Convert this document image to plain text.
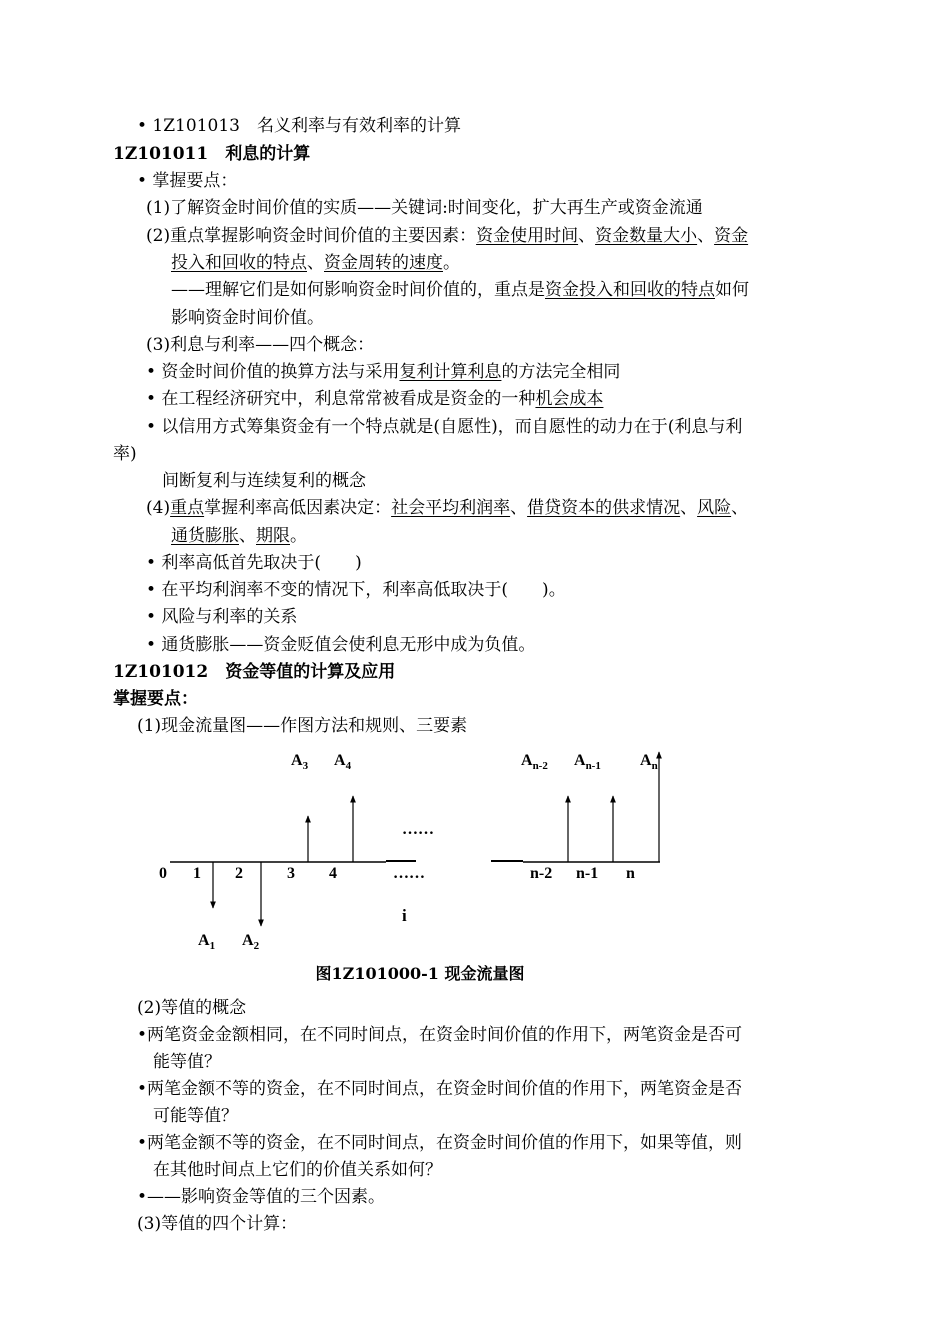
• 1Z101013　名义利率与有效利率的计算
1Z101011　利息的计算
• 掌握要点：
(1)了解资金时间价值的实质——关键词:时间变化，扩大再生产或资金流通
(2)重点掌握影响资金时间价值的主要因素：资金使用时间、资金数量大小、资金
投入和回收的特点、资金周转的速度。
——理解它们是如何影响资金时间价值的，重点是资金投入和回收的特点如何
影响资金时间价值。
(3)利息与利率——四个概念：
• 资金时间价值的换算方法与采用复利计算利息的方法完全相同
• 在工程经济研究中，利息常常被看成是资金的一种机会成本
• 以信用方式筹集资金有一个特点就是(自愿性)，而自愿性的动力在于(利息与利
率)
间断复利与连续复利的概念
(4)重点掌握利率高低因素决定：社会平均利润率、借贷资本的供求情况、风险、
通货膨胀、期限。
• 利率高低首先取决于(　　)
• 在平均利润率不变的情况下，利率高低取决于(　　)。
• 风险与利率的关系
• 通货膨胀——资金贬值会使利息无形中成为负值。
1Z101012　资金等值的计算及应用
掌握要点：
(1)现金流量图——作图方法和规则、三要素
0 1 2	3 4	……	n-2 n-1 n
……
i
$A_1$ $A_2$
$A_3$ $A_4$	$A_{n-2}$ $A_{n-1}$ $A_n$
图1Z101000-1 现金流量图
(2)等值的概念
•两笔资金金额相同，在不同时间点，在资金时间价值的作用下，两笔资金是否可
能等值？
•两笔金额不等的资金，在不同时间点，在资金时间价值的作用下，两笔资金是否
可能等值？
•两笔金额不等的资金，在不同时间点，在资金时间价值的作用下，如果等值，则
在其他时间点上它们的价值关系如何？
•——影响资金等值的三个因素。
(3)等值的四个计算：
